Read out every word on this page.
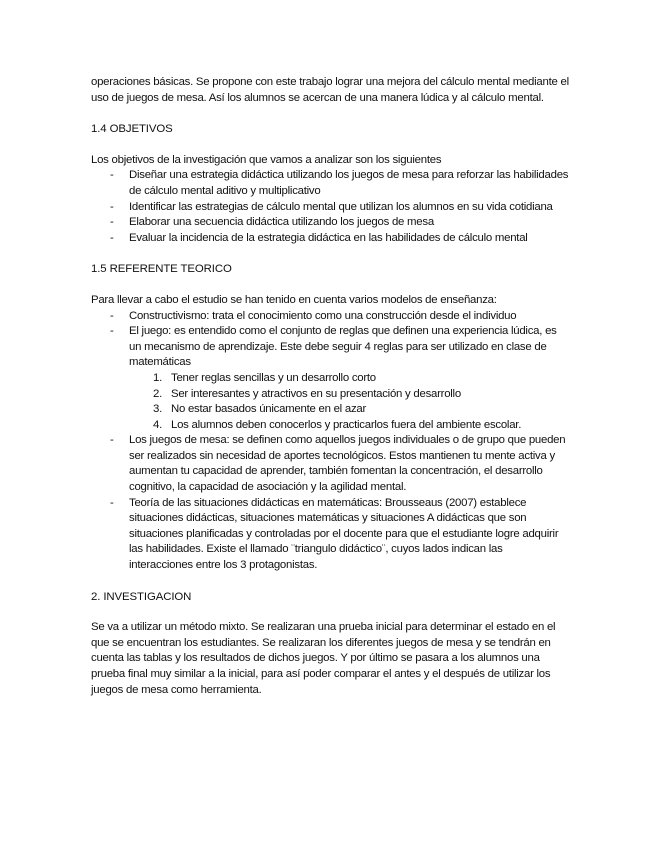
operaciones básicas. Se propone con este trabajo lograr una mejora del cálculo mental mediante el uso de juegos de mesa. Así los alumnos se acercan de una manera lúdica y al cálculo mental.

1.4 OBJETIVOS

Los objetivos de la investigación que vamos a analizar son los siguientes

- Diseñar una estrategia didáctica utilizando los juegos de mesa para reforzar las habilidades de cálculo mental aditivo y multiplicativo
- Identificar las estrategias de cálculo mental que utilizan los alumnos en su vida cotidiana
- Elaborar una secuencia didáctica utilizando los juegos de mesa
- Evaluar la incidencia de la estrategia didáctica en las habilidades de cálculo mental
1.5 REFERENTE TEORICO

Para llevar a cabo el estudio se han tenido en cuenta varios modelos de enseñanza:

- Constructivismo: trata el conocimiento como una construcción desde el individuo
- El juego: es entendido como el conjunto de reglas que definen una experiencia lúdica, es un mecanismo de aprendizaje. Este debe seguir 4 reglas para ser utilizado en clase de matemáticas
1. Tener reglas sencillas y un desarrollo corto
2. Ser interesantes y atractivos en su presentación y desarrollo
3. No estar basados únicamente en el azar
4. Los alumnos deben conocerlos y practicarlos fuera del ambiente escolar.
- Los juegos de mesa: se definen como aquellos juegos individuales o de grupo que pueden ser realizados sin necesidad de aportes tecnológicos. Estos mantienen tu mente activa y aumentan tu capacidad de aprender, también fomentan la concentración, el desarrollo cognitivo, la capacidad de asociación y la agilidad mental.
- Teoría de las situaciones didácticas en matemáticas: Brousseaus (2007) establece situaciones didácticas, situaciones matemáticas y situaciones A didácticas que son situaciones planificadas y controladas por el docente para que el estudiante logre adquirir las habilidades. Existe el llamado ¨triangulo didáctico¨, cuyos lados indican las interacciones entre los 3 protagonistas.
2. INVESTIGACION

Se va a utilizar un método mixto. Se realizaran una prueba inicial para determinar el estado en el que se encuentran los estudiantes. Se realizaran los diferentes juegos de mesa y se tendrán en cuenta las tablas y los resultados de dichos juegos. Y por último se pasara a los alumnos una prueba final muy similar a la inicial, para así poder comparar el antes y el después de utilizar los juegos de mesa como herramienta.
